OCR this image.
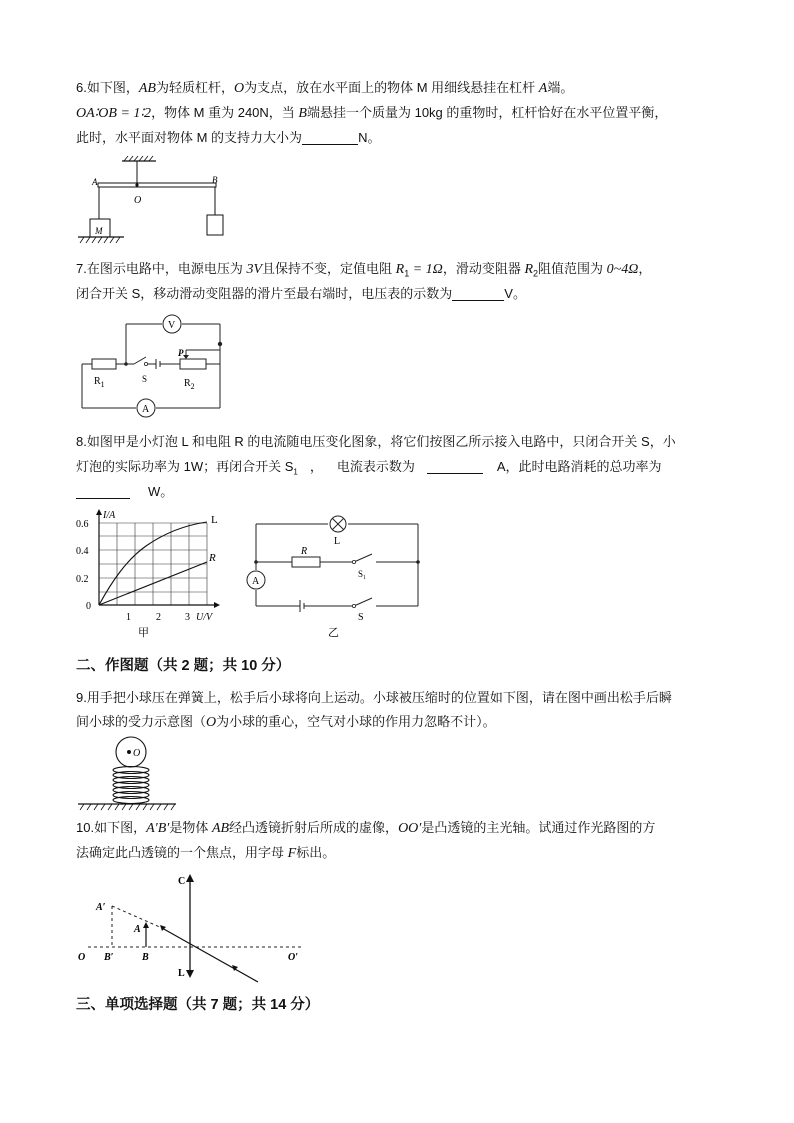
6.如下图，AB为轻质杠杆，O为支点，放在水平面上的物体 M 用细线悬挂在杠杆 A端。
OA∶OB = 1∶2，物体 M 重为 240N，当 B端悬挂一个质量为 10kg 的重物时，杠杆恰好在水平位置平衡，
此时，水平面对物体 M 的支持力大小为	N。
A	B
O
M
7.在图示电路中，电源电压为 3V且保持不变，定值电阻 $R_1 = 1\Omega$，滑动变阻器 $R_2$阻值范围为 0~4Ω，
闭合开关 S，移动滑动变阻器的滑片至最右端时，电压表的示数为	V。
V
A
P
S
$R_1$	$R_2$
8.如图甲是小灯泡 L 和电阻 R 的电流随电压变化图象，将它们按图乙所示接入电路中，只闭合开关 S，小
灯泡的实际功率为 1W；再闭合开关 $S_1$ ， 电流表示数为	A，此时电路消耗的总功率为
W。
L
R
I/A
0.6
0.4
0.2
0
1	2 3 U/V
甲
L
R
S₁
S
A
乙
二、作图题（共 2 题；共 10 分）
9.用手把小球压在弹簧上，松手后小球将向上运动。小球被压缩时的位置如下图，请在图中画出松手后瞬
间小球的受力示意图（O为小球的重心，空气对小球的作用力忽略不计）。
O
10.如下图，A′B′是物体 AB经凸透镜折射后所成的虚像，OO′是凸透镜的主光轴。试通过作光路图的方
法确定此凸透镜的一个焦点，用字母 F标出。
O	O′
C
L
A′
B′
A
B
三、单项选择题（共 7 题；共 14 分）
